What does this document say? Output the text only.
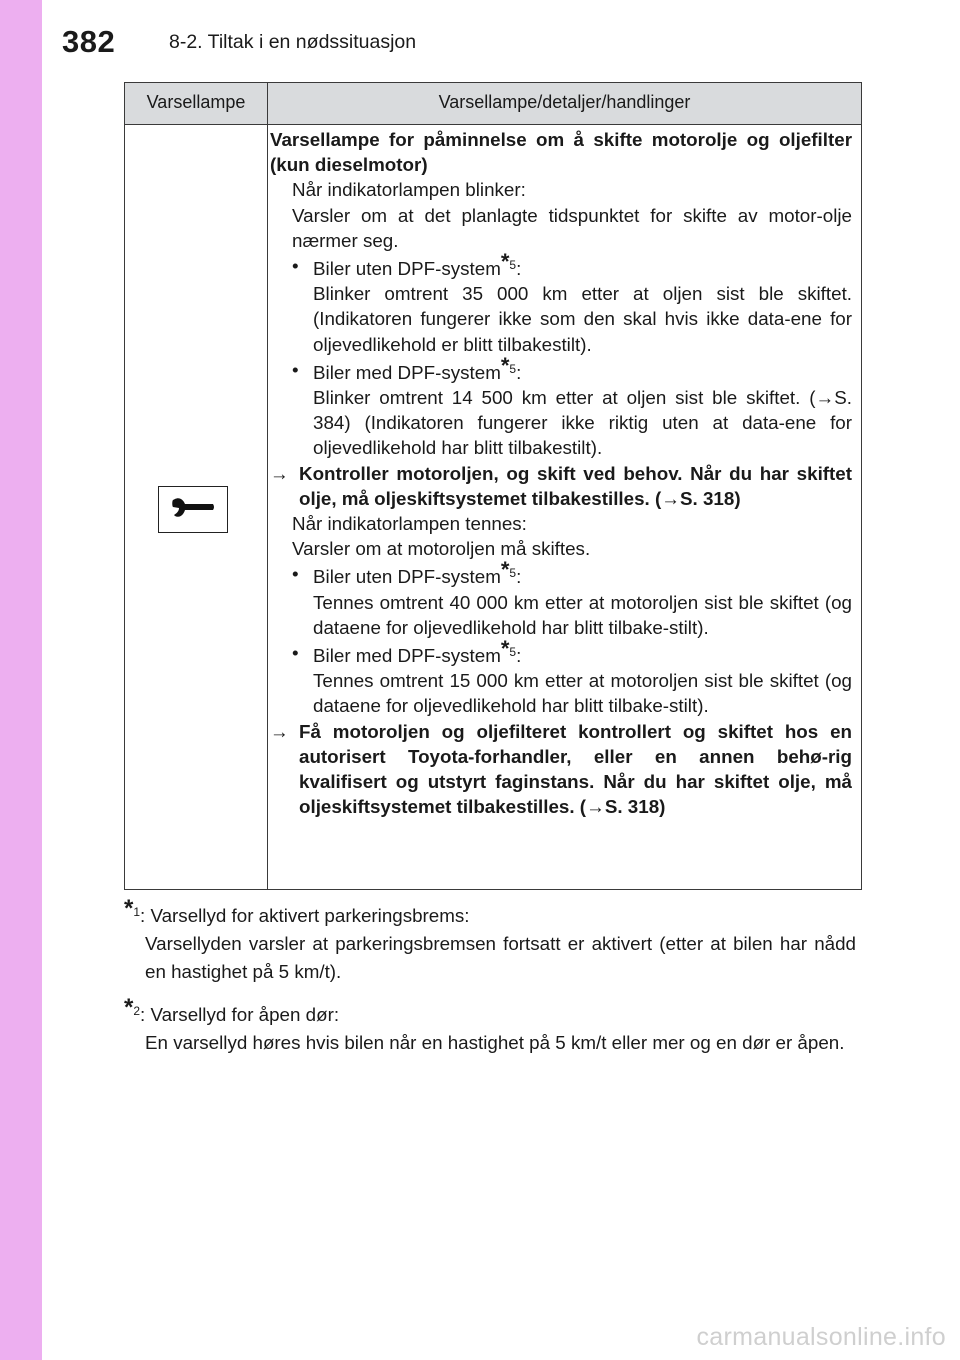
382	8-2. Tiltak i en nødssituasjon
Varsellampe	Varsellampe/detaljer/handlinger
Varsellampe for påminnelse om å skifte motorolje og oljefilter (kun dieselmotor)
Når indikatorlampen blinker:
Varsler om at det planlagte tidspunktet for skifte av motor-olje nærmer seg.
• Biler uten DPF-system*$^5$:
Blinker omtrent 35 000 km etter at oljen sist ble skiftet. (Indikatoren fungerer ikke som den skal hvis ikke data-ene for oljevedlikehold er blitt tilbakestilt).
• Biler med DPF-system*$^5$:
Blinker omtrent 14 500 km etter at oljen sist ble skiftet. (→S. 384) (Indikatoren fungerer ikke riktig uten at data-ene for oljevedlikehold har blitt tilbakestilt).
→ Kontroller motoroljen, og skift ved behov. Når du har skiftet olje, må oljeskiftsystemet tilbakestilles. (→S. 318)
Når indikatorlampen tennes:
Varsler om at motoroljen må skiftes.
• Biler uten DPF-system*$^5$:
Tennes omtrent 40 000 km etter at motoroljen sist ble skiftet (og dataene for oljevedlikehold har blitt tilbake-stilt).
• Biler med DPF-system*$^5$:
Tennes omtrent 15 000 km etter at motoroljen sist ble skiftet (og dataene for oljevedlikehold har blitt tilbake-stilt).
→ Få motoroljen og oljefilteret kontrollert og skiftet hos en autorisert Toyota-forhandler, eller en annen behø-rig kvalifisert og utstyrt faginstans. Når du har skiftet olje, må oljeskiftsystemet tilbakestilles. (→S. 318)
*$^1$: Varsellyd for aktivert parkeringsbrems:
Varsellyden varsler at parkeringsbremsen fortsatt er aktivert (etter at bilen har nådd en hastighet på 5 km/t).
*$^2$: Varsellyd for åpen dør:
En varsellyd høres hvis bilen når en hastighet på 5 km/t eller mer og en dør er åpen.
carmanualsonline.info
